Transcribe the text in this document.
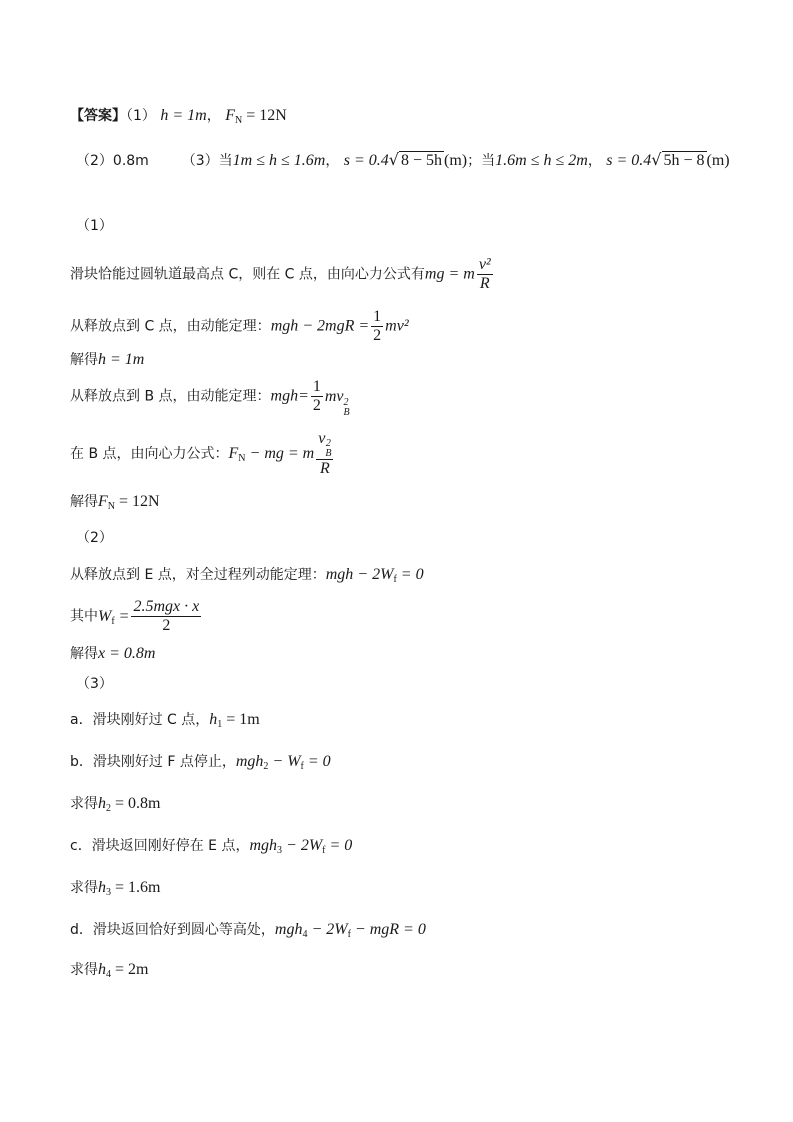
【答案】（1） h = 1m， $F_N = 12N$
（2）0.8m （3）当1m ≤ h ≤ 1.6m， s = 0.4√ 8 − 5h (m)；当1.6m ≤ h ≤ 2m， s = 0.4√ 5h − 8 (m)
（1）
滑块恰能过圆轨道最高点 C，则在 C 点，由向心力公式有mg = m $\frac{\text{v²}}{R}$
从释放点到 C 点，由动能定理：mgh − $2mgR = \frac{1}{2} mv^2$
解得h = 1m
从释放点到 B 点，由动能定理：$mgh= \frac{1}{2}$ mv 2
B
在 B 点，由向心力公式：$F_N$ − mg = m v 2
B
R
解得$F_N = 12N$
（2）
从释放点到 E 点，对全过程列动能定理：mgh − $2W_f = 0$
其中$W_f = \frac{\text{2.5mgx · x}}{2}$
解得x = 0.8m
（3）
a．滑块刚好过 C 点，$h_1 = 1m$
b．滑块刚好过 F 点停止，$mgh_2 - W_f = 0$
求得$h_2 = 0.8m$
c．滑块返回刚好停在 E 点，$mgh_3 - 2W_f = 0$
求得$h_3 = 1.6m$
d．滑块返回恰好到圆心等高处，$mgh_4 - 2W_f$ − mgR = 0
求得$h_4 = 2m$
